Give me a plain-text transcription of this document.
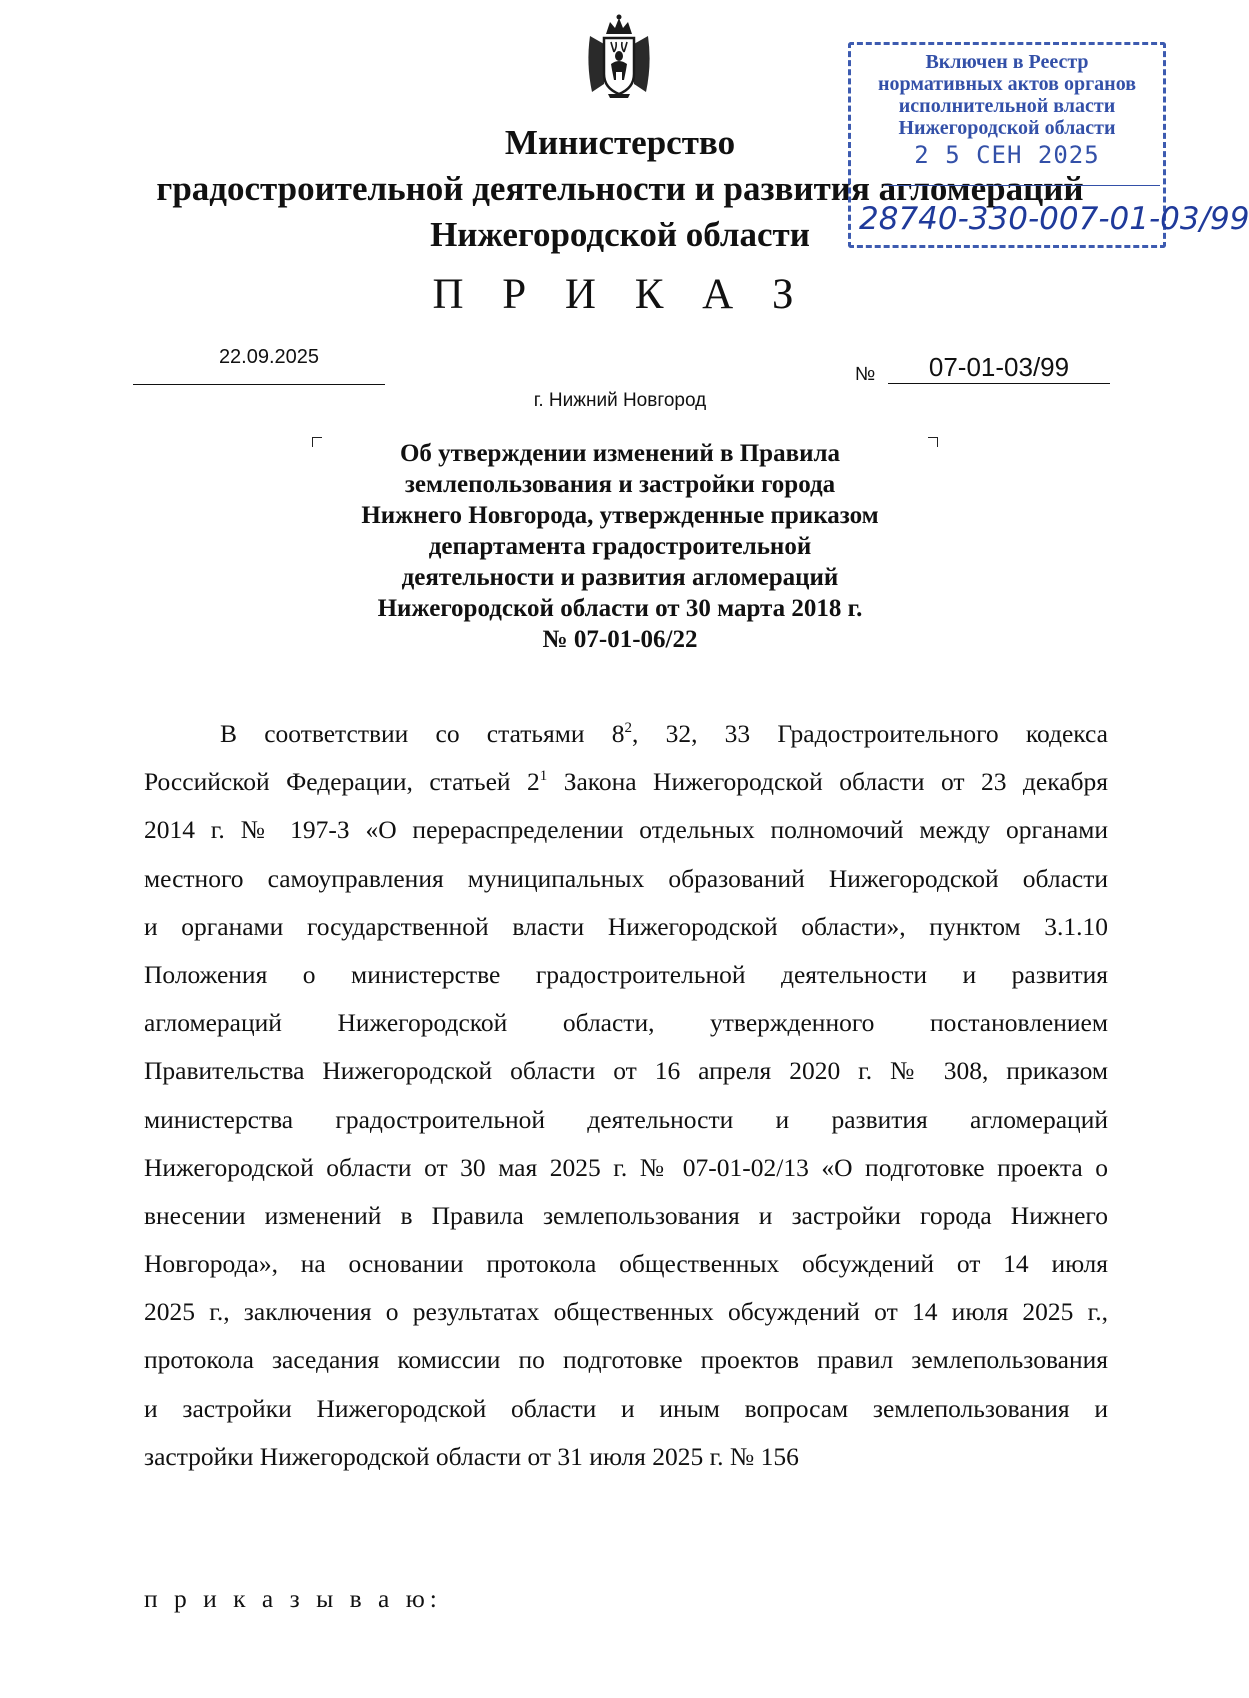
Министерство
градостроительной деятельности и развития агломераций
Нижегородской области
Включен в Реестр
нормативных актов органов
исполнительной власти
Нижегородской области
2 5 СЕН 2025
28740-330-007-01-03/99
П Р И К А З
22.09.2025
№	07-01-03/99
г. Нижний Новгород
Об утверждении изменений в Правила
землепользования и застройки города
Нижнего Новгорода, утвержденные приказом
департамента градостроительной
деятельности и развития агломераций
Нижегородской области от 30 марта 2018 г.
№ 07-01-06/22
В соответствии со статьями $8^2$, 32, 33 Градостроительного кодекса
Российской Федерации, статьей $2^1$ Закона Нижегородской области от 23 декабря
2014 г. № 197-З «О перераспределении отдельных полномочий между органами
местного самоуправления муниципальных образований Нижегородской области
и органами государственной власти Нижегородской области», пунктом 3.1.10
Положения о министерстве градостроительной деятельности и развития
агломераций Нижегородской области, утвержденного постановлением
Правительства Нижегородской области от 16 апреля 2020 г. № 308, приказом
министерства градостроительной деятельности и развития агломераций
Нижегородской области от 30 мая 2025 г. № 07-01-02/13 «О подготовке проекта о
внесении изменений в Правила землепользования и застройки города Нижнего
Новгорода», на основании протокола общественных обсуждений от 14 июля
2025 г., заключения о результатах общественных обсуждений от 14 июля 2025 г.,
протокола заседания комиссии по подготовке проектов правил землепользования
и застройки Нижегородской области и иным вопросам землепользования и
застройки Нижегородской области от 31 июля 2025 г. № 156
п р и к а з ы в а ю:
